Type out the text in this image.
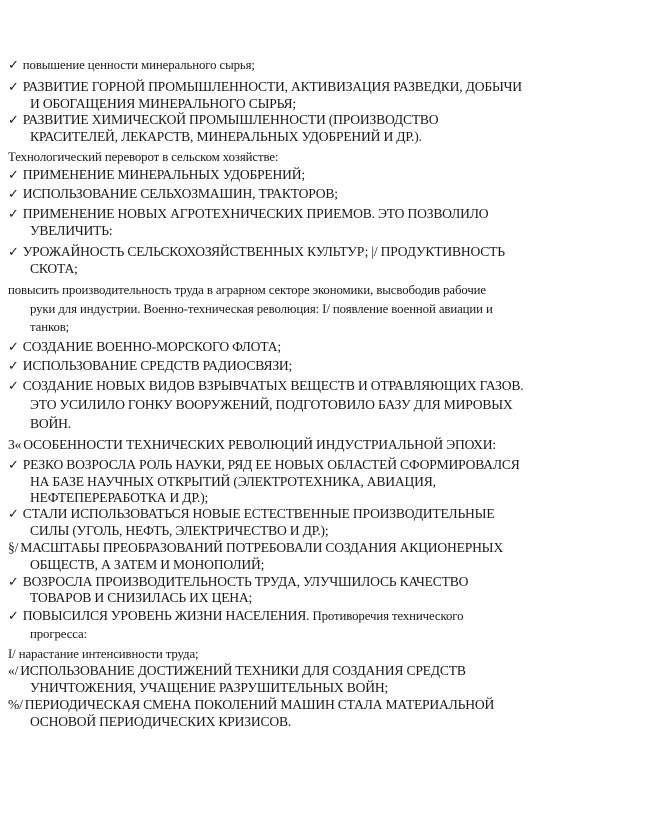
✓ повышение ценности минерального сырья;

✓ РАЗВИТИЕ ГОРНОЙ ПРОМЫШЛЕННОСТИ, АКТИВИЗАЦИЯ РАЗВЕДКИ, ДОБЫЧИ

И ОБОГАЩЕНИЯ МИНЕРАЛЬНОГО СЫРЬЯ;

✓ РАЗВИТИЕ ХИМИЧЕСКОЙ ПРОМЫШЛЕННОСТИ (ПРОИЗВОДСТВО

КРАСИТЕЛЕЙ, ЛЕКАРСТВ, МИНЕРАЛЬНЫХ УДОБРЕНИЙ И ДР.).

Технологический переворот в сельском хозяйстве:

✓ ПРИМЕНЕНИЕ МИНЕРАЛЬНЫХ УДОБРЕНИЙ;

✓ ИСПОЛЬЗОВАНИЕ СЕЛЬХОЗМАШИН, ТРАКТОРОВ;

✓ ПРИМЕНЕНИЕ НОВЫХ АГРОТЕХНИЧЕСКИХ ПРИЕМОВ. ЭТО ПОЗВОЛИЛО

УВЕЛИЧИТЬ:

✓ УРОЖАЙНОСТЬ СЕЛЬСКОХОЗЯЙСТВЕННЫХ КУЛЬТУР; |/ ПРОДУКТИВНОСТЬ

СКОТА;

повысить производительность труда в аграрном секторе экономики, высвободив рабочие

руки для индустрии. Военно-техническая революция: I/ появление военной авиации и

танков;

✓ СОЗДАНИЕ ВОЕННО-МОРСКОГО ФЛОТА;

✓ ИСПОЛЬЗОВАНИЕ СРЕДСТВ РАДИОСВЯЗИ;

✓ СОЗДАНИЕ НОВЫХ ВИДОВ ВЗРЫВЧАТЫХ ВЕЩЕСТВ И ОТРАВЛЯЮЩИХ ГАЗОВ.

ЭТО УСИЛИЛО ГОНКУ ВООРУЖЕНИЙ, ПОДГОТОВИЛО БАЗУ ДЛЯ МИРОВЫХ

ВОЙН.

3« ОСОБЕННОСТИ ТЕХНИЧЕСКИХ РЕВОЛЮЦИЙ ИНДУСТРИАЛЬНОЙ ЭПОХИ:

✓ РЕЗКО ВОЗРОСЛА РОЛЬ НАУКИ, РЯД ЕЕ НОВЫХ ОБЛАСТЕЙ СФОРМИРОВАЛСЯ

НА БАЗЕ НАУЧНЫХ ОТКРЫТИЙ (ЭЛЕКТРОТЕХНИКА, АВИАЦИЯ,

НЕФТЕПЕРЕРАБОТКА И ДР.);

✓ СТАЛИ ИСПОЛЬЗОВАТЬСЯ НОВЫЕ ЕСТЕСТВЕННЫЕ ПРОИЗВОДИТЕЛЬНЫЕ

СИЛЫ (УГОЛЬ, НЕФТЬ, ЭЛЕКТРИЧЕСТВО И ДР.);

§/ МАСШТАБЫ ПРЕОБРАЗОВАНИЙ ПОТРЕБОВАЛИ СОЗДАНИЯ АКЦИОНЕРНЫХ

ОБЩЕСТВ, А ЗАТЕМ И МОНОПОЛИЙ;

✓ ВОЗРОСЛА ПРОИЗВОДИТЕЛЬНОСТЬ ТРУДА, УЛУЧШИЛОСЬ КАЧЕСТВО

ТОВАРОВ И СНИЗИЛАСЬ ИХ ЦЕНА;

✓ ПОВЫСИЛСЯ УРОВЕНЬ ЖИЗНИ НАСЕЛЕНИЯ. Противоречия технического

прогресса:

I/ нарастание интенсивности труда;

«/ ИСПОЛЬЗОВАНИЕ ДОСТИЖЕНИЙ ТЕХНИКИ ДЛЯ СОЗДАНИЯ СРЕДСТВ

УНИЧТОЖЕНИЯ, УЧАЩЕНИЕ РАЗРУШИТЕЛЬНЫХ ВОЙН;

%/ ПЕРИОДИЧЕСКАЯ СМЕНА ПОКОЛЕНИЙ МАШИН СТАЛА МАТЕРИАЛЬНОЙ

ОСНОВОЙ ПЕРИОДИЧЕСКИХ КРИЗИСОВ.
